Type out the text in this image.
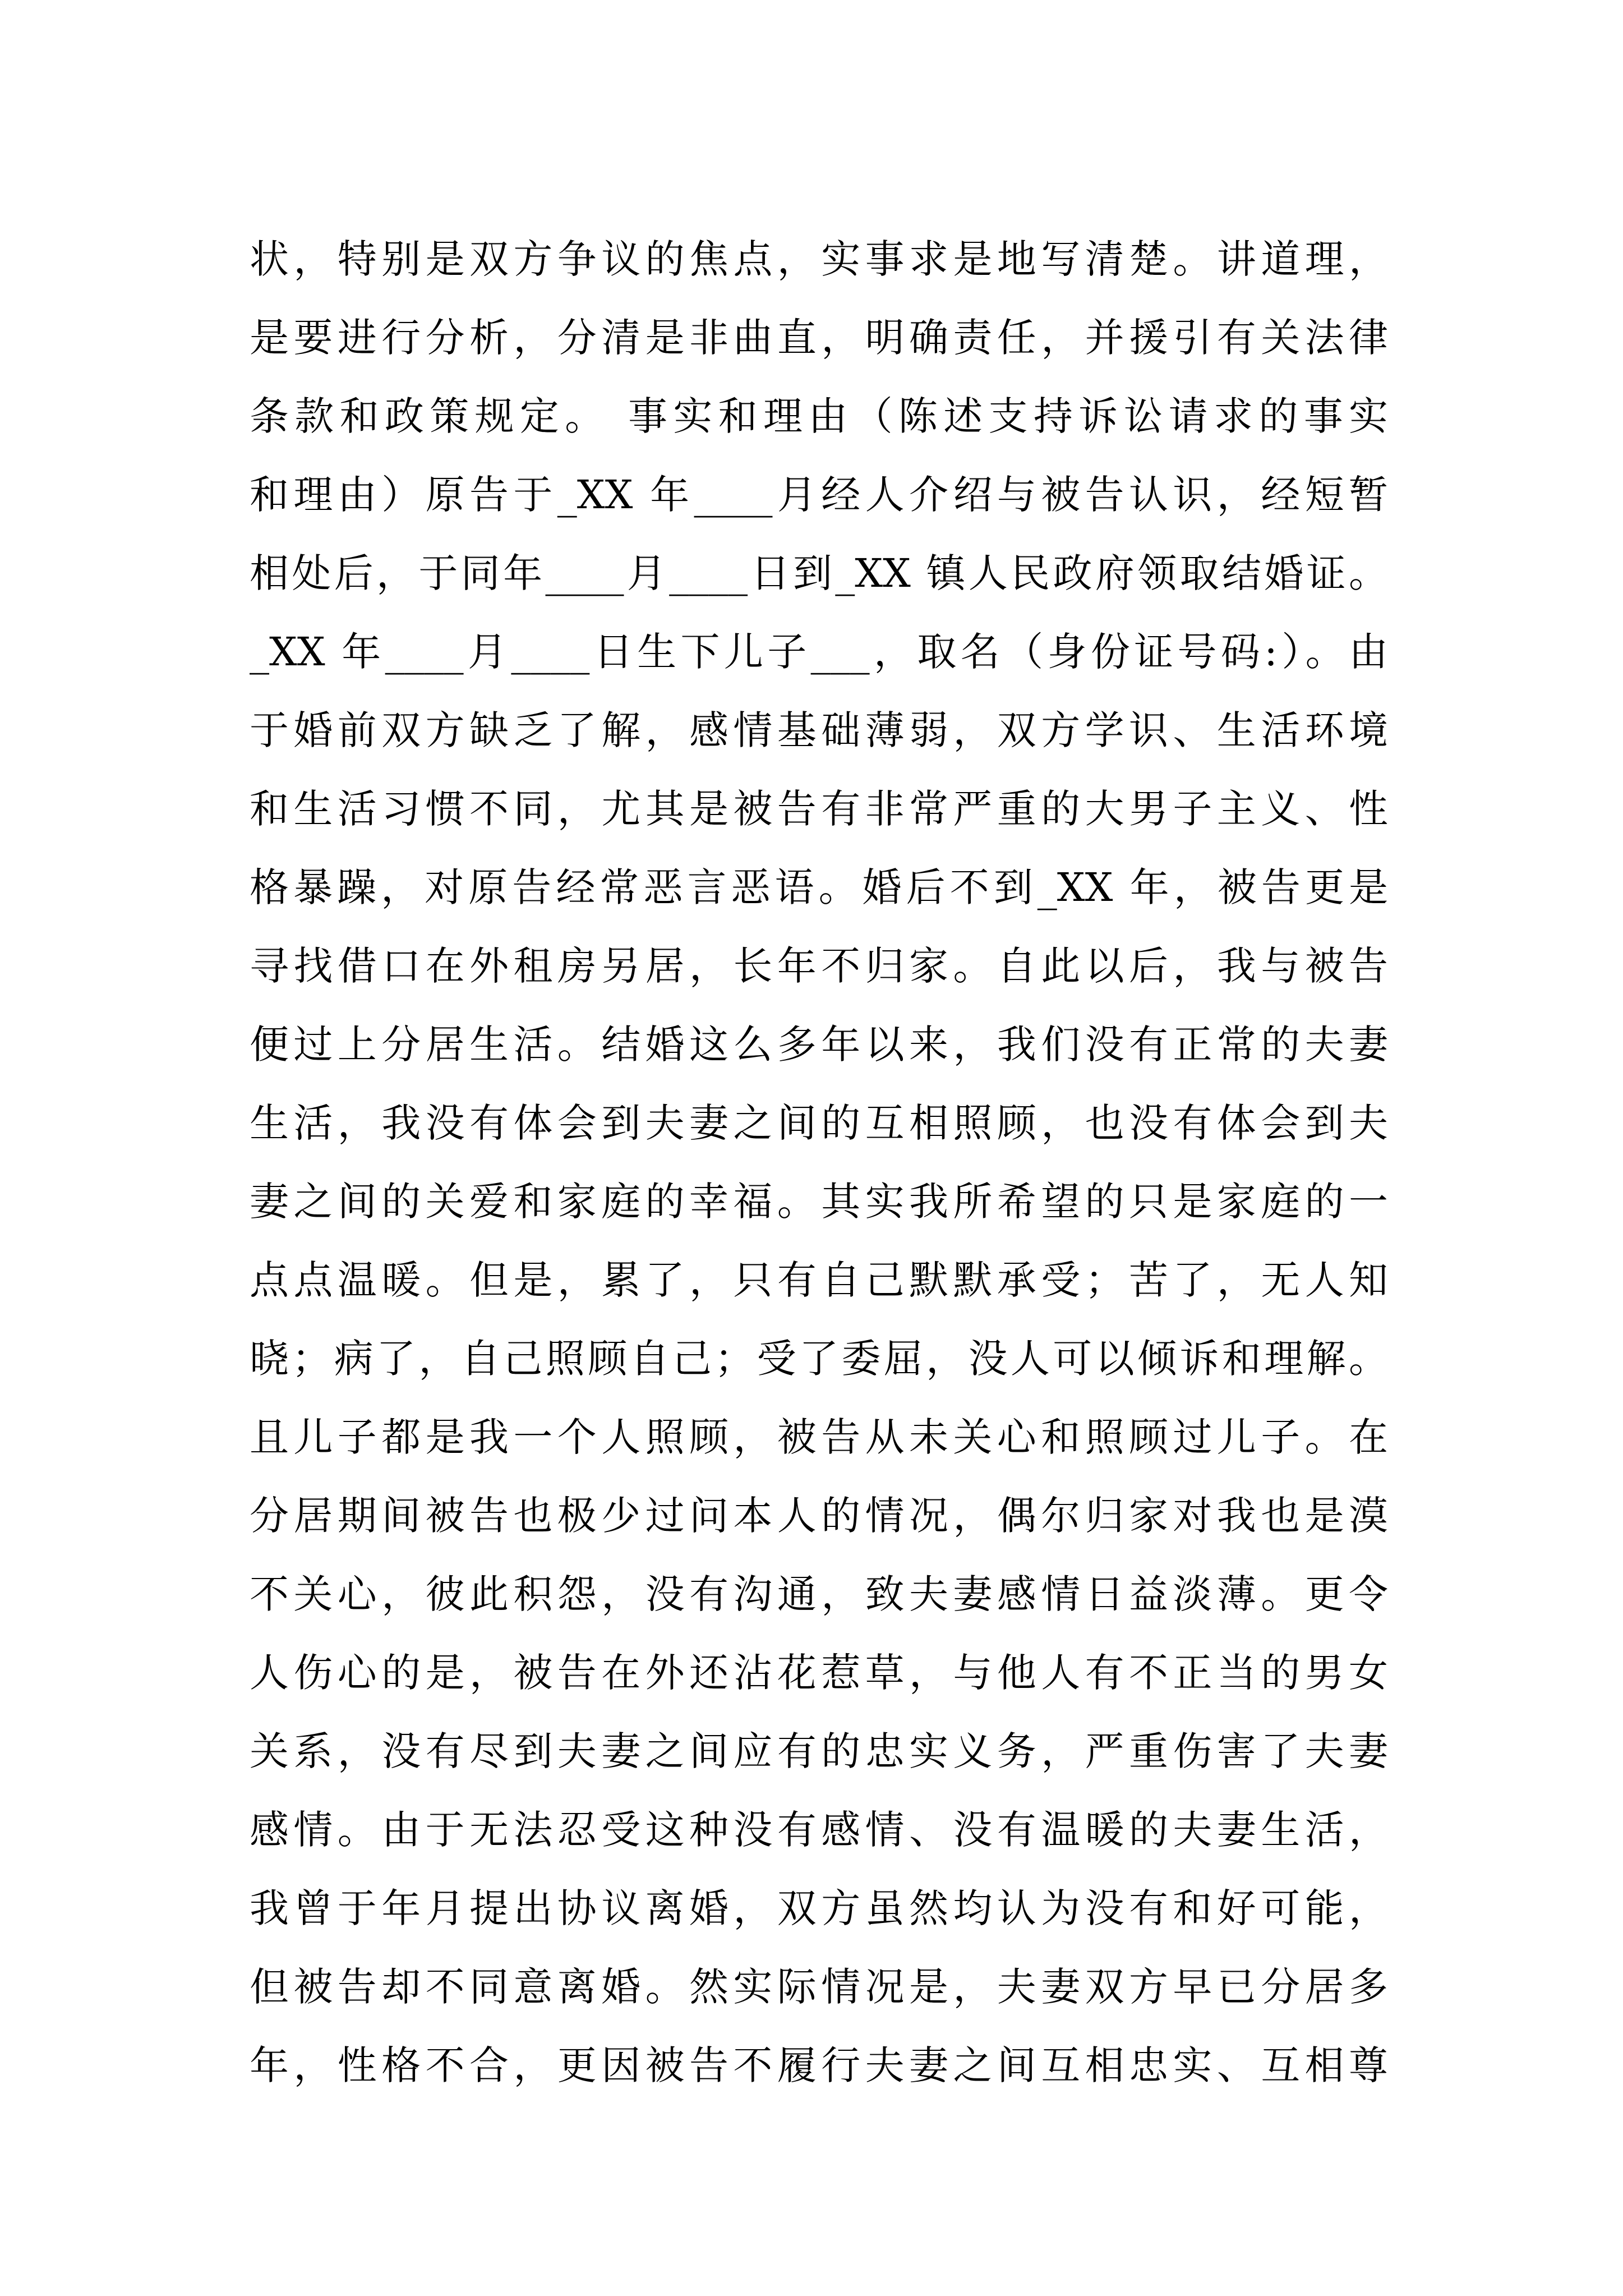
状，特别是双方争议的焦点，实事求是地写清楚。讲道理，
是要进行分析，分清是非曲直，明确责任，并援引有关法律
条款和政策规定。 事实和理由（陈述支持诉讼请求的事实
和理由）原告于_XX 年____月经人介绍与被告认识，经短暂
相处后，于同年____月____日到_XX 镇人民政府领取结婚证。
_XX 年____月____日生下儿子___，取名（身份证号码:）。由
于婚前双方缺乏了解，感情基础薄弱，双方学识、生活环境
和生活习惯不同，尤其是被告有非常严重的大男子主义、性
格暴躁，对原告经常恶言恶语。婚后不到_XX 年，被告更是
寻找借口在外租房另居，长年不归家。自此以后，我与被告
便过上分居生活。结婚这么多年以来，我们没有正常的夫妻
生活，我没有体会到夫妻之间的互相照顾，也没有体会到夫
妻之间的关爱和家庭的幸福。其实我所希望的只是家庭的一
点点温暖。但是，累了，只有自己默默承受；苦了，无人知
晓；病了，自己照顾自己；受了委屈，没人可以倾诉和理解。
且儿子都是我一个人照顾，被告从未关心和照顾过儿子。在
分居期间被告也极少过问本人的情况，偶尔归家对我也是漠
不关心，彼此积怨，没有沟通，致夫妻感情日益淡薄。更令
人伤心的是，被告在外还沾花惹草，与他人有不正当的男女
关系，没有尽到夫妻之间应有的忠实义务，严重伤害了夫妻
感情。由于无法忍受这种没有感情、没有温暖的夫妻生活，
我曾于年月提出协议离婚，双方虽然均认为没有和好可能，
但被告却不同意离婚。然实际情况是，夫妻双方早已分居多
年，性格不合，更因被告不履行夫妻之间互相忠实、互相尊
